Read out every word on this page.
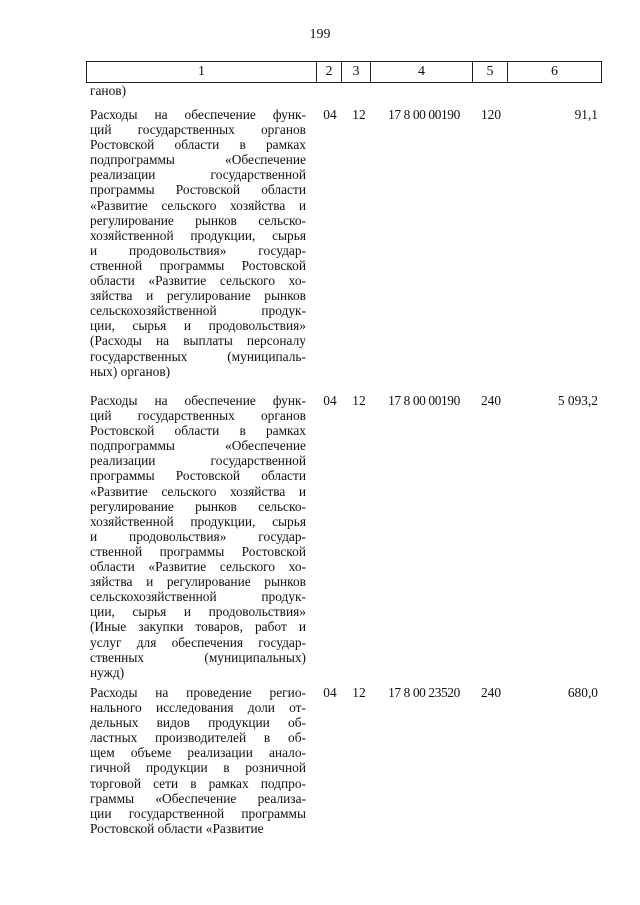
199
1	2	3	4	5	6
ганов)
Расходы на обеспечение функ-
ций государственных органов
Ростовской области в рамках
подпрограммы «Обеспечение
реализации государственной
программы Ростовской области
«Развитие сельского хозяйства и
регулирование рынков сельско-
хозяйственной продукции, сырья
и продовольствия» государ-
ственной программы Ростовской
области «Развитие сельского хо-
зяйства и регулирование рынков
сельскохозяйственной продук-
ции, сырья и продовольствия»
(Расходы на выплаты персоналу
государственных (муниципаль-
ных) органов)
04	12	17 8 00 00190	120	91,1
Расходы на обеспечение функ-
ций государственных органов
Ростовской области в рамках
подпрограммы «Обеспечение
реализации государственной
программы Ростовской области
«Развитие сельского хозяйства и
регулирование рынков сельско-
хозяйственной продукции, сырья
и продовольствия» государ-
ственной программы Ростовской
области «Развитие сельского хо-
зяйства и регулирование рынков
сельскохозяйственной продук-
ции, сырья и продовольствия»
(Иные закупки товаров, работ и
услуг для обеспечения государ-
ственных (муниципальных)
нужд)
04	12	17 8 00 00190	240	5 093,2
Расходы на проведение регио-
нального исследования доли от-
дельных видов продукции об-
ластных производителей в об-
щем объеме реализации анало-
гичной продукции в розничной
торговой сети в рамках подпро-
граммы «Обеспечение реализа-
ции государственной программы
Ростовской области «Развитие
04	12	17 8 00 23520	240	680,0
